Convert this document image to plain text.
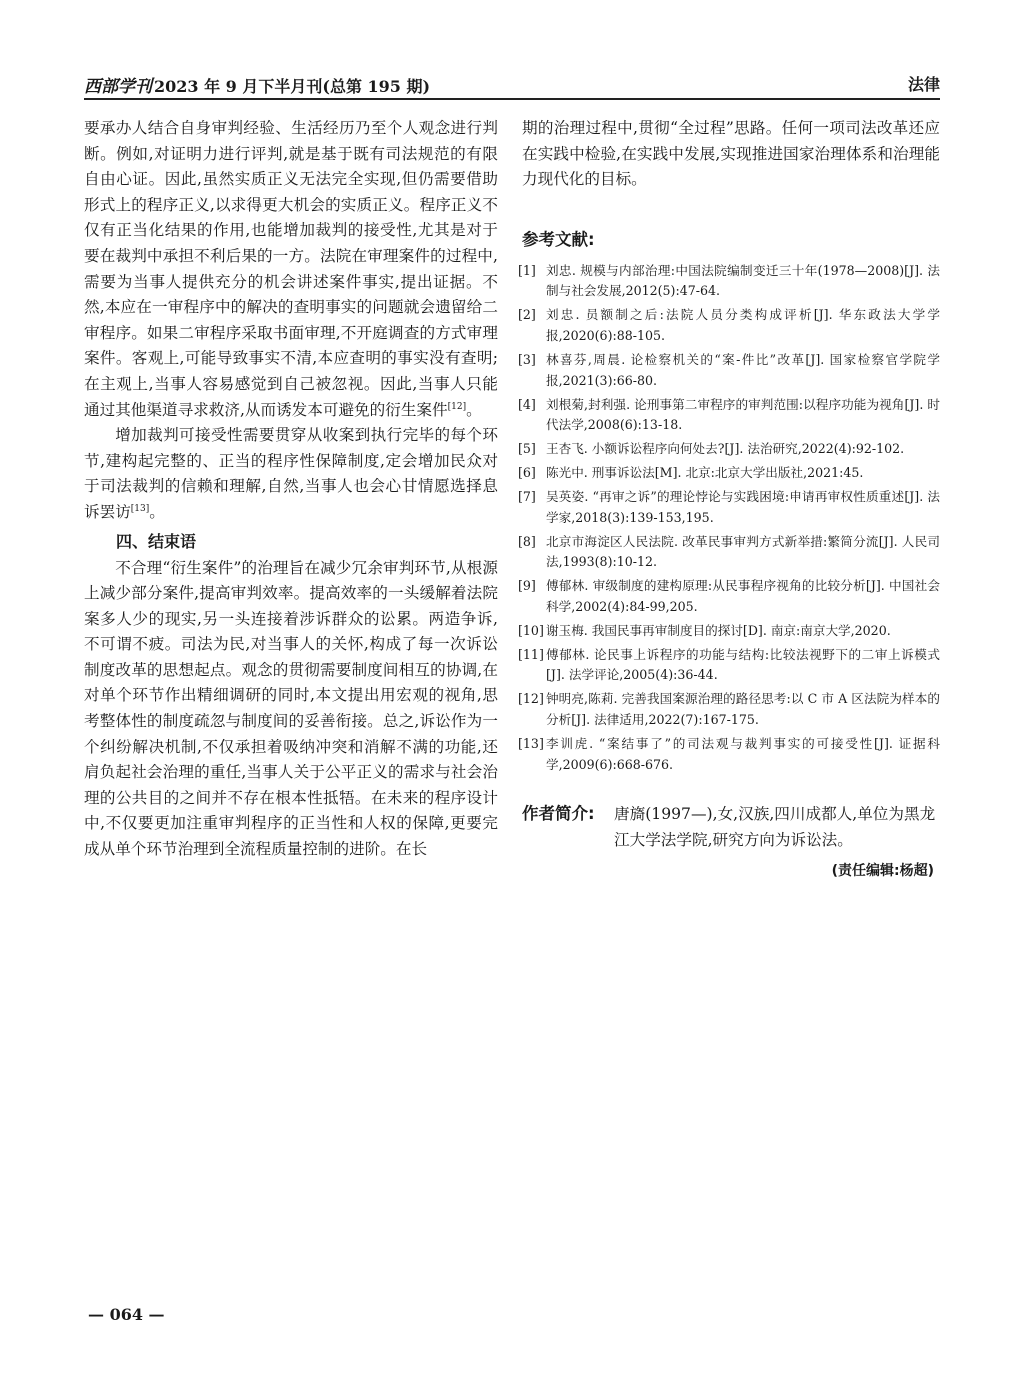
西部学刊 2023 年 9 月下半月刊(总第 195 期)	法律

要承办人结合自身审判经验、生活经历乃至个人观念进行判断。例如,对证明力进行评判,就是基于既有司法规范的有限自由心证。因此,虽然实质正义无法完全实现,但仍需要借助形式上的程序正义,以求得更大机会的实质正义。程序正义不仅有正当化结果的作用,也能增加裁判的接受性,尤其是对于要在裁判中承担不利后果的一方。法院在审理案件的过程中,需要为当事人提供充分的机会讲述案件事实,提出证据。不然,本应在一审程序中的解决的查明事实的问题就会遗留给二审程序。如果二审程序采取书面审理,不开庭调查的方式审理案件。客观上,可能导致事实不清,本应查明的事实没有查明;在主观上,当事人容易感觉到自己被忽视。因此,当事人只能通过其他渠道寻求救济,从而诱发本可避免的衍生案件[12]。

增加裁判可接受性需要贯穿从收案到执行完毕的每个环节,建构起完整的、正当的程序性保障制度,定会增加民众对于司法裁判的信赖和理解,自然,当事人也会心甘情愿选择息诉罢访[13]。

四、结束语

不合理“衍生案件”的治理旨在减少冗余审判环节,从根源上减少部分案件,提高审判效率。提高效率的一头缓解着法院案多人少的现实,另一头连接着涉诉群众的讼累。两造争诉,不可谓不疲。司法为民,对当事人的关怀,构成了每一次诉讼制度改革的思想起点。观念的贯彻需要制度间相互的协调,在对单个环节作出精细调研的同时,本文提出用宏观的视角,思考整体性的制度疏忽与制度间的妥善衔接。总之,诉讼作为一个纠纷解决机制,不仅承担着吸纳冲突和消解不满的功能,还肩负起社会治理的重任,当事人关于公平正义的需求与社会治理的公共目的之间并不存在根本性抵牾。在未来的程序设计中,不仅要更加注重审判程序的正当性和人权的保障,更要完成从单个环节治理到全流程质量控制的进阶。在长

期的治理过程中,贯彻“全过程”思路。任何一项司法改革还应在实践中检验,在实践中发展,实现推进国家治理体系和治理能力现代化的目标。

参考文献:
[1] 刘忠. 规模与内部治理:中国法院编制变迁三十年(1978—2008)[J]. 法制与社会发展,2012(5):47-64.
[2] 刘忠. 员额制之后:法院人员分类构成评析[J]. 华东政法大学学报,2020(6):88-105.
[3] 林喜芬,周晨. 论检察机关的“案-件比”改革[J]. 国家检察官学院学报,2021(3):66-80.
[4] 刘根菊,封利强. 论刑事第二审程序的审判范围:以程序功能为视角[J]. 时代法学,2008(6):13-18.
[5] 王杏飞. 小额诉讼程序向何处去?[J]. 法治研究,2022(4):92-102.
[6] 陈光中. 刑事诉讼法[M]. 北京:北京大学出版社,2021:45.
[7] 吴英姿. “再审之诉”的理论悖论与实践困境:申请再审权性质重述[J]. 法学家,2018(3):139-153,195.
[8] 北京市海淀区人民法院. 改革民事审判方式新举措:繁简分流[J]. 人民司法,1993(8):10-12.
[9] 傅郁林. 审级制度的建构原理:从民事程序视角的比较分析[J]. 中国社会科学,2002(4):84-99,205.
[10] 谢玉梅. 我国民事再审制度目的探讨[D]. 南京:南京大学,2020.
[11] 傅郁林. 论民事上诉程序的功能与结构:比较法视野下的二审上诉模式[J]. 法学评论,2005(4):36-44.
[12] 钟明亮,陈莉. 完善我国案源治理的路径思考:以 C 市 A 区法院为样本的分析[J]. 法律适用,2022(7):167-175.
[13] 李训虎. “案结事了”的司法观与裁判事实的可接受性[J]. 证据科学,2009(6):668-676.
作者简介: 唐旖(1997—),女,汉族,四川成都人,单位为黑龙江大学法学院,研究方向为诉讼法。
(责任编辑:杨超)
— 064 —
